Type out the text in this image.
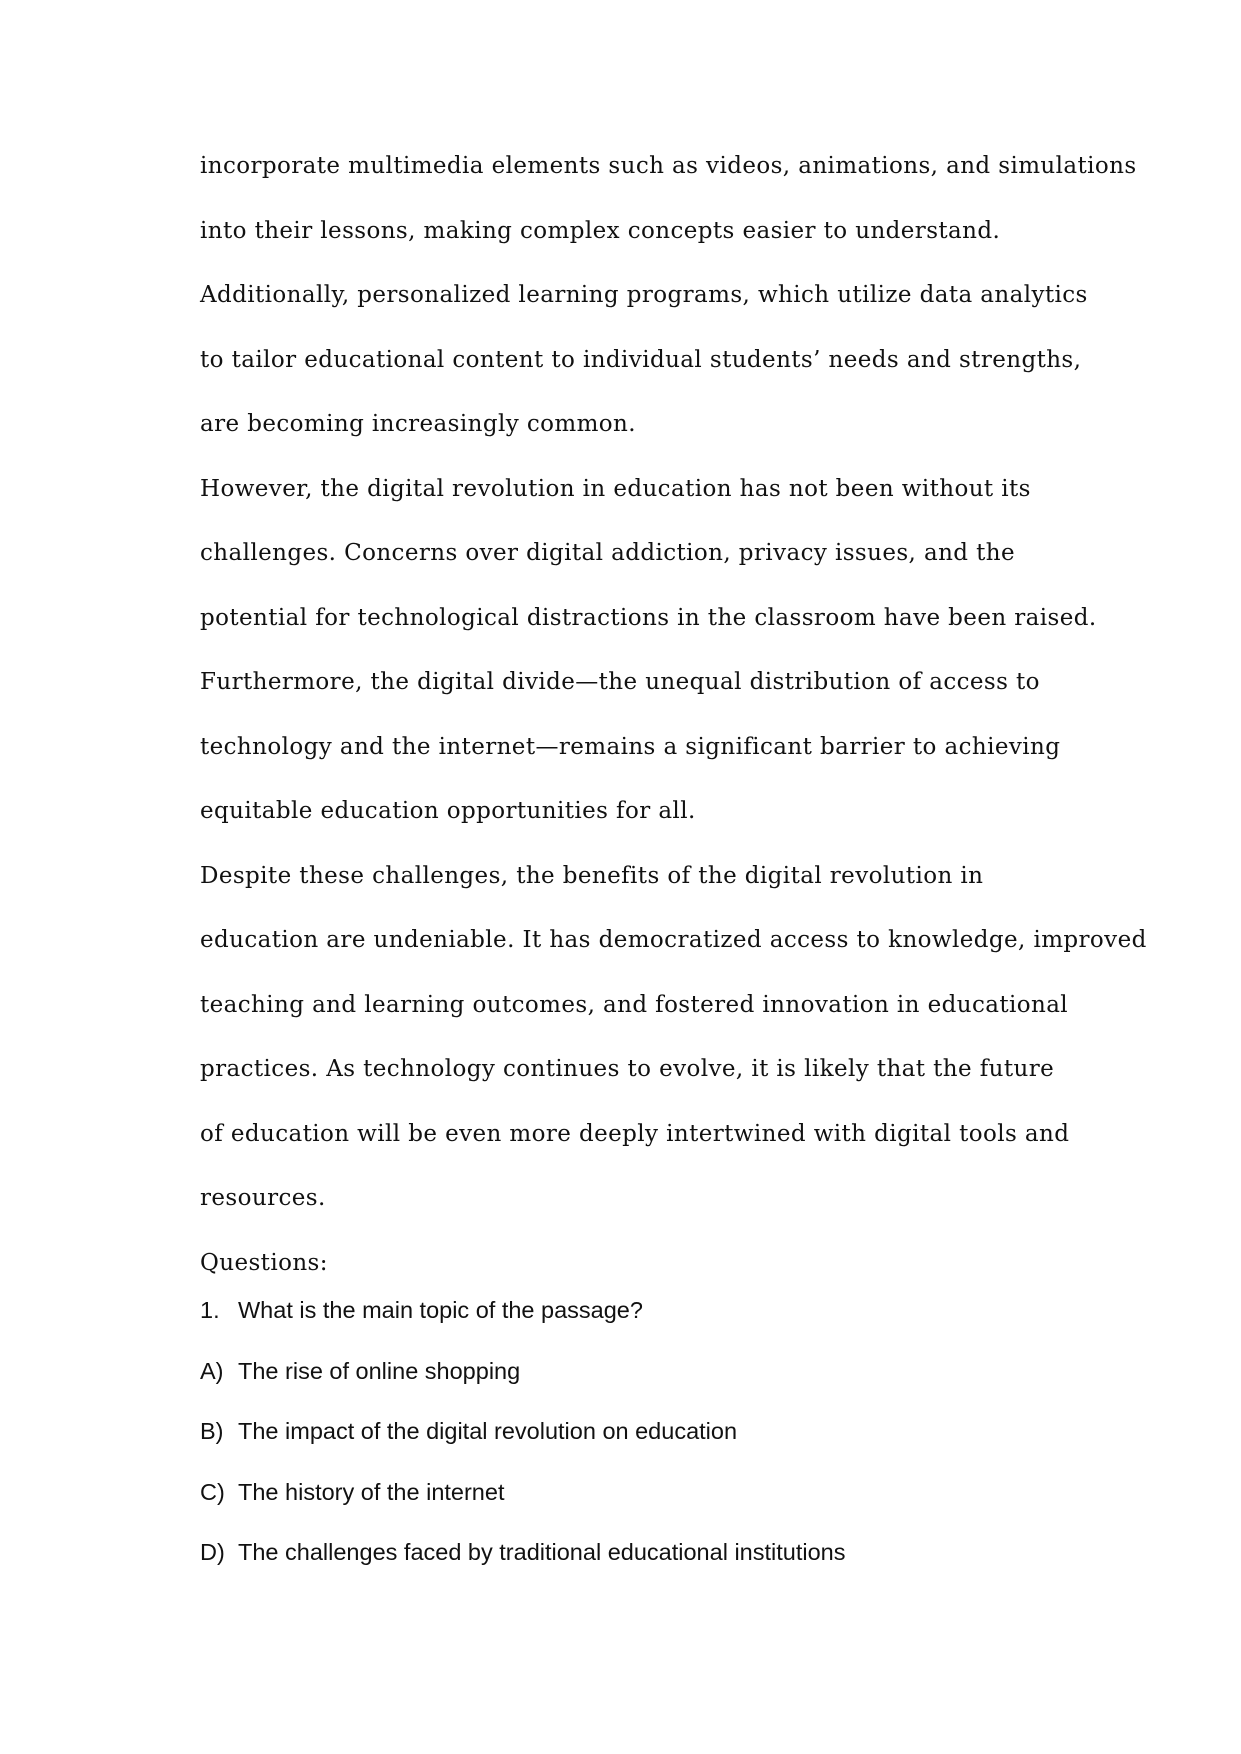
incorporate multimedia elements such as videos, animations, and simulations
into their lessons, making complex concepts easier to understand.
Additionally, personalized learning programs, which utilize data analytics
to tailor educational content to individual students’ needs and strengths,
are becoming increasingly common.
However, the digital revolution in education has not been without its
challenges. Concerns over digital addiction, privacy issues, and the
potential for technological distractions in the classroom have been raised.
Furthermore, the digital divide—the unequal distribution of access to
technology and the internet—remains a significant barrier to achieving
equitable education opportunities for all.
Despite these challenges, the benefits of the digital revolution in
education are undeniable. It has democratized access to knowledge, improved
teaching and learning outcomes, and fostered innovation in educational
practices. As technology continues to evolve, it is likely that the future
of education will be even more deeply intertwined with digital tools and
resources.
Questions:
1. What is the main topic of the passage?
A) The rise of online shopping
B) The impact of the digital revolution on education
C) The history of the internet
D) The challenges faced by traditional educational institutions
